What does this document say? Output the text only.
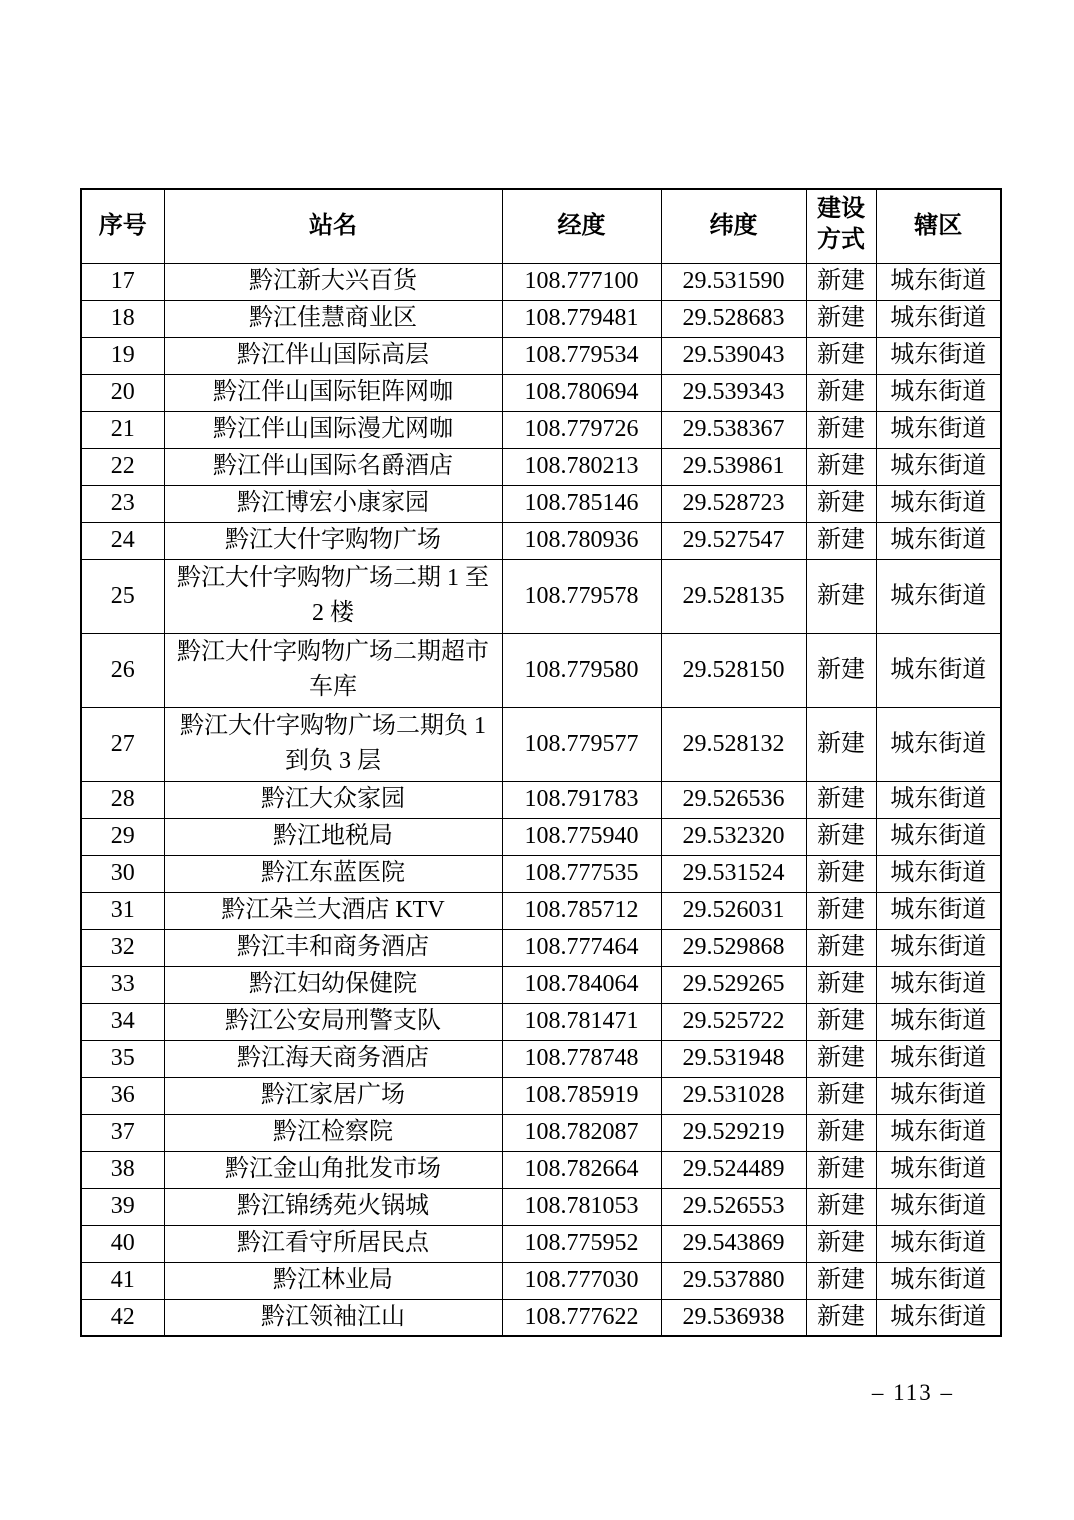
序号	站名	经度	纬度	建设方式	辖区
17	黔江新大兴百货	108.777100	29.531590	新建	城东街道
18	黔江佳慧商业区	108.779481	29.528683	新建	城东街道
19	黔江伴山国际高层	108.779534	29.539043	新建	城东街道
20	黔江伴山国际钜阵网咖	108.780694	29.539343	新建	城东街道
21	黔江伴山国际漫尤网咖	108.779726	29.538367	新建	城东街道
22	黔江伴山国际名爵酒店	108.780213	29.539861	新建	城东街道
23	黔江博宏小康家园	108.785146	29.528723	新建	城东街道
24	黔江大什字购物广场	108.780936	29.527547	新建	城东街道
25	黔江大什字购物广场二期 1 至 2 楼	108.779578	29.528135	新建	城东街道
26	黔江大什字购物广场二期超市车库	108.779580	29.528150	新建	城东街道
27	黔江大什字购物广场二期负 1 到负 3 层	108.779577	29.528132	新建	城东街道
28	黔江大众家园	108.791783	29.526536	新建	城东街道
29	黔江地税局	108.775940	29.532320	新建	城东街道
30	黔江东蓝医院	108.777535	29.531524	新建	城东街道
31	黔江朵兰大酒店 KTV	108.785712	29.526031	新建	城东街道
32	黔江丰和商务酒店	108.777464	29.529868	新建	城东街道
33	黔江妇幼保健院	108.784064	29.529265	新建	城东街道
34	黔江公安局刑警支队	108.781471	29.525722	新建	城东街道
35	黔江海天商务酒店	108.778748	29.531948	新建	城东街道
36	黔江家居广场	108.785919	29.531028	新建	城东街道
37	黔江检察院	108.782087	29.529219	新建	城东街道
38	黔江金山角批发市场	108.782664	29.524489	新建	城东街道
39	黔江锦绣苑火锅城	108.781053	29.526553	新建	城东街道
40	黔江看守所居民点	108.775952	29.543869	新建	城东街道
41	黔江林业局	108.777030	29.537880	新建	城东街道
42	黔江领袖江山	108.777622	29.536938	新建	城东街道
– 113 –
